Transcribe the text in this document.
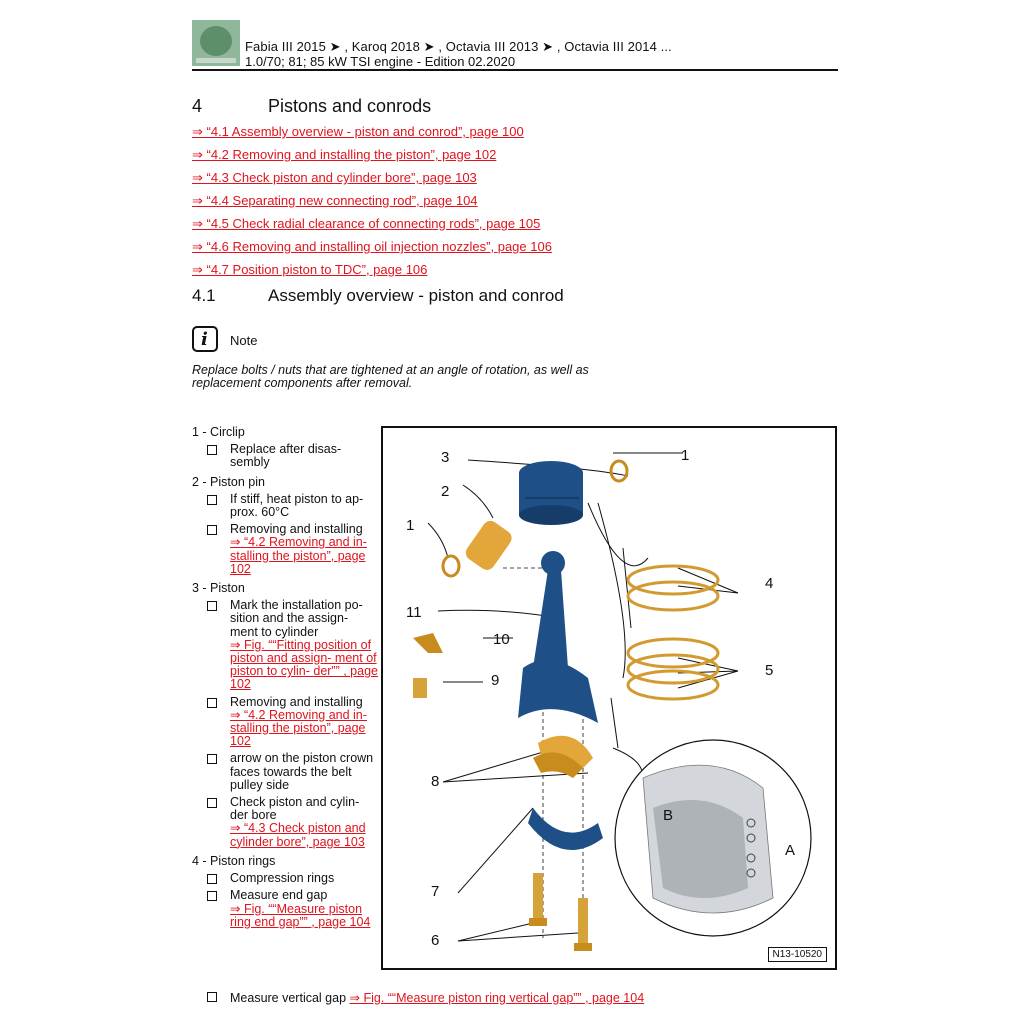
Fabia III 2015 ➤ , Karoq 2018 ➤ , Octavia III 2013 ➤ , Octavia III 2014 ...
1.0/70; 81; 85 kW TSI engine - Edition 02.2020
4	Pistons and conrods
⇒ “4.1 Assembly overview - piston and conrod”, page 100
⇒ “4.2 Removing and installing the piston”, page 102
⇒ “4.3 Check piston and cylinder bore”, page 103
⇒ “4.4 Separating new connecting rod”, page 104
⇒ “4.5 Check radial clearance of connecting rods”, page 105
⇒ “4.6 Removing and installing oil injection nozzles”, page 106
⇒ “4.7 Position piston to TDC”, page 106
4.1	Assembly overview - piston and conrod
i Note
Replace bolts / nuts that are tightened at an angle of rotation, as well as replacement components after removal.
1 - Circlip
Replace after disas- sembly
2 - Piston pin
If stiff, heat piston to ap- prox. 60°C
Removing and installing
⇒ “4.2 Removing and in- stalling the piston”, page 102
3 - Piston
Mark the installation po- sition and the assign- ment to cylinder
⇒ Fig. ““Fitting position of piston and assign- ment of piston to cylin- der”” , page 102
Removing and installing
⇒ “4.2 Removing and in- stalling the piston”, page 102
arrow on the piston crown faces towards the belt pulley side
Check piston and cylin- der bore
⇒ “4.3 Check piston and cylinder bore”, page 103
4 - Piston rings
Compression rings
Measure end gap
⇒ Fig. ““Measure piston ring end gap”” , page 104
Measure vertical gap ⇒ Fig. ““Measure piston ring vertical gap”” , page 104
3
2
1
1
4
5
10
9
11
8
7
6
B
A
N13-10520
